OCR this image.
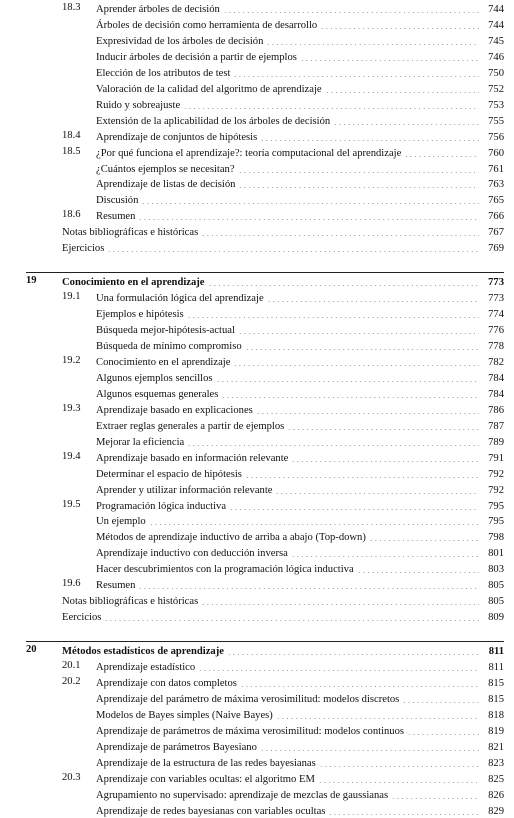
18.3 Aprender árboles de decisión	744
Árboles de decisión como herramienta de desarrollo	744
Expresividad de los árboles de decisión	745
Inducir árboles de decisión a partir de ejemplos	746
Elección de los atributos de test	750
Valoración de la calidad del algoritmo de aprendizaje	752
Ruido y sobreajuste	753
Extensión de la aplicabilidad de los árboles de decisión	755
18.4 Aprendizaje de conjuntos de hipótesis	756
18.5 ¿Por qué funciona el aprendizaje?: teoría computacional del aprendizaje	760
¿Cuántos ejemplos se necesitan?	761
Aprendizaje de listas de decisión	763
Discusión	765
18.6 Resumen	766
Notas bibliográficas e históricas	767
Ejercicios	769
19 Conocimiento en el aprendizaje	773
19.1 Una formulación lógica del aprendizaje	773
Ejemplos e hipótesis	774
Búsqueda mejor-hipótesis-actual	776
Búsqueda de mínimo compromiso	778
19.2 Conocimiento en el aprendizaje	782
Algunos ejemplos sencillos	784
Algunos esquemas generales	784
19.3 Aprendizaje basado en explicaciones	786
Extraer reglas generales a partir de ejemplos	787
Mejorar la eficiencia	789
19.4 Aprendizaje basado en información relevante	791
Determinar el espacio de hipótesis	792
Aprender y utilizar información relevante	792
19.5 Programación lógica inductiva	795
Un ejemplo	795
Métodos de aprendizaje inductivo de arriba a abajo (Top-down)	798
Aprendizaje inductivo con deducción inversa	801
Hacer descubrimientos con la programación lógica inductiva	803
19.6 Resumen	805
Notas bibliográficas e históricas	805
Eercicios	809
20 Métodos estadísticos de aprendizaje	811
20.1 Aprendizaje estadístico	811
20.2 Aprendizaje con datos completos	815
Aprendizaje del parámetro de máxima verosimilitud: modelos discretos	815
Modelos de Bayes simples (Naive Bayes)	818
Aprendizaje de parámetros de máxima verosimilitud: modelos continuos	819
Aprendizaje de parámetros Bayesiano	821
Aprendizaje de la estructura de las redes bayesianas	823
20.3 Aprendizaje con variables ocultas: el algoritmo EM	825
Agrupamiento no supervisado: aprendizaje de mezclas de gaussianas	826
Aprendizaje de redes bayesianas con variables ocultas	829
